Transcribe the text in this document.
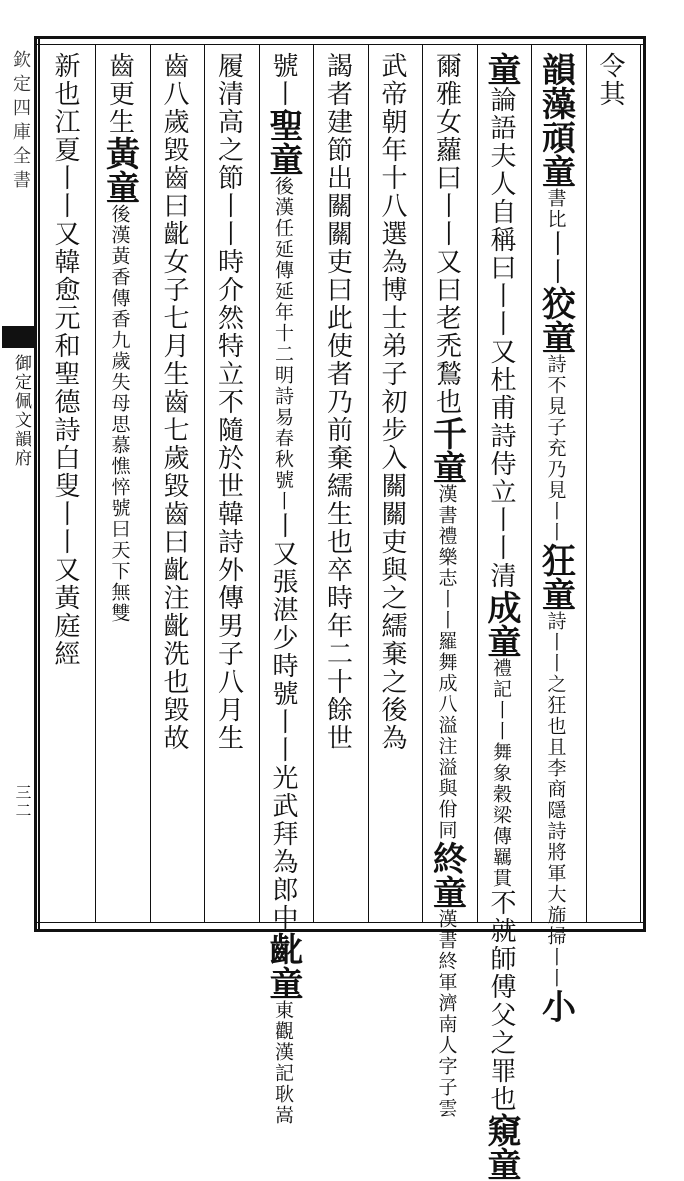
欽定四庫全書
御定佩文韻府
三二
令其
韻藻頑童書比丨丨狡童詩不見子充乃見丨丨狂童詩丨丨之狂也且李商隱詩將軍大旆掃丨丨小
童論語夫人自稱曰丨丨又杜甫詩侍立丨丨清成童禮記丨丨舞象穀梁傳羈貫不就師傅父之罪也窺童
爾雅女蘿曰丨丨又曰老禿鶖也千童漢書禮樂志丨丨羅舞成八溢注溢與佾同終童漢書終軍濟南人字子雲
武帝朝年十八選為博士弟子初步入關關吏與之繻棄之後為
謁者建節出關關吏曰此使者乃前棄繻生也卒時年二十餘世
號丨聖童後漢任延傳延年十二明詩易春秋號丨丨又張湛少時號丨丨光武拜為郎中齔童東觀漢記耿嵩
履清高之節丨丨時介然特立不隨於世韓詩外傳男子八月生
齒八歲毀齒曰齔女子七月生齒七歲毀齒曰齔注齔洗也毀故
齒更生黃童後漢黃香傳香九歲失母思慕憔悴號曰天下無雙
新也江夏丨丨又韓愈元和聖德詩白叟丨丨又黃庭經
